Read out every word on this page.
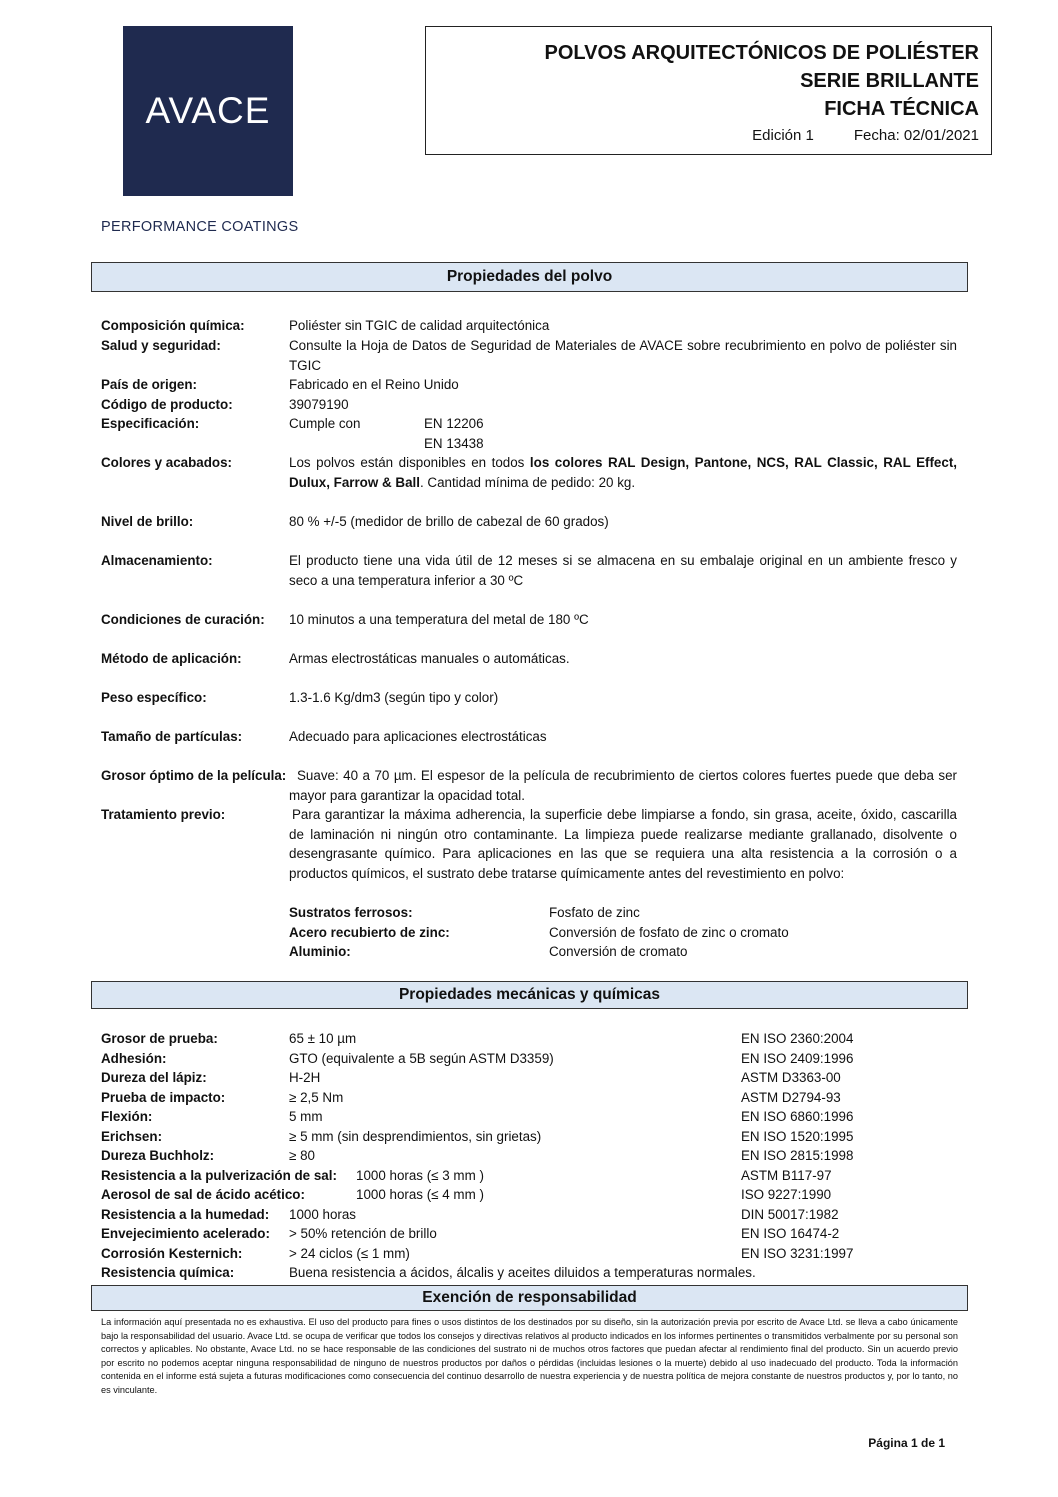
AVACE
PERFORMANCE COATINGS
POLVOS ARQUITECTÓNICOS DE POLIÉSTER
SERIE BRILLANTE
FICHA TÉCNICA
Edición 1	Fecha: 02/01/2021
Propiedades del polvo
Composición química:	Poliéster sin TGIC de calidad arquitectónica
Salud y seguridad:	Consulte la Hoja de Datos de Seguridad de Materiales de AVACE sobre recubrimiento en polvo de poliéster sin TGIC
País de origen:	Fabricado en el Reino Unido
Código de producto:	39079190
Especificación:	Cumple con	EN 12206
EN 13438
Colores y acabados:	Los polvos están disponibles en todos los colores RAL Design, Pantone, NCS, RAL Classic, RAL Effect, Dulux, Farrow & Ball. Cantidad mínima de pedido: 20 kg.
Nivel de brillo:	80 % +/-5 (medidor de brillo de cabezal de 60 grados)
Almacenamiento:	El producto tiene una vida útil de 12 meses si se almacena en su embalaje original en un ambiente fresco y seco a una temperatura inferior a 30 ºC
Condiciones de curación: 10 minutos a una temperatura del metal de 180 ºC
Método de aplicación:	Armas electrostáticas manuales o automáticas.
Peso específico:	1.3-1.6 Kg/dm3 (según tipo y color)
Tamaño de partículas:	Adecuado para aplicaciones electrostáticas
Grosor óptimo de la película: Suave: 40 a 70 µm. El espesor de la película de recubrimiento de ciertos colores fuertes puede que deba ser mayor para garantizar la opacidad total.
Tratamiento previo:	Para garantizar la máxima adherencia, la superficie debe limpiarse a fondo, sin grasa, aceite, óxido, cascarilla de laminación ni ningún otro contaminante. La limpieza puede realizarse mediante grallanado, disolvente o desengrasante químico. Para aplicaciones en las que se requiera una alta resistencia a la corrosión o a productos químicos, el sustrato debe tratarse químicamente antes del revestimiento en polvo:
Sustratos ferrosos:	Fosfato de zinc
Acero recubierto de zinc:	Conversión de fosfato de zinc o cromato
Aluminio:	Conversión de cromato
Propiedades mecánicas y químicas
Grosor de prueba:	65 ± 10 µm	EN ISO 2360:2004
Adhesión:	GTO (equivalente a 5B según ASTM D3359)	EN ISO 2409:1996
Dureza del lápiz:	H-2H	ASTM D3363-00
Prueba de impacto:	≥ 2,5 Nm	ASTM D2794-93
Flexión:	5 mm	EN ISO 6860:1996
Erichsen:	≥ 5 mm (sin desprendimientos, sin grietas)	EN ISO 1520:1995
Dureza Buchholz:	≥ 80	EN ISO 2815:1998
Resistencia a la pulverización de sal: 1000 horas (≤ 3 mm )	ASTM B117-97
Aerosol de sal de ácido acético:	1000 horas (≤ 4 mm )	ISO 9227:1990
Resistencia a la humedad: 1000 horas	DIN 50017:1982
Envejecimiento acelerado: > 50% retención de brillo	EN ISO 16474-2
Corrosión Kesternich:	> 24 ciclos (≤ 1 mm)	EN ISO 3231:1997
Resistencia química:	Buena resistencia a ácidos, álcalis y aceites diluidos a temperaturas normales.
Exención de responsabilidad
La información aquí presentada no es exhaustiva. El uso del producto para fines o usos distintos de los destinados por su diseño, sin la autorización previa por escrito de Avace Ltd. se lleva a cabo únicamente bajo la responsabilidad del usuario. Avace Ltd. se ocupa de verificar que todos los consejos y directivas relativos al producto indicados en los informes pertinentes o transmitidos verbalmente por su personal son correctos y aplicables. No obstante, Avace Ltd. no se hace responsable de las condiciones del sustrato ni de muchos otros factores que puedan afectar al rendimiento final del producto. Sin un acuerdo previo por escrito no podemos aceptar ninguna responsabilidad de ninguno de nuestros productos por daños o pérdidas (incluidas lesiones o la muerte) debido al uso inadecuado del producto. Toda la información contenida en el informe está sujeta a futuras modificaciones como consecuencia del continuo desarrollo de nuestra experiencia y de nuestra política de mejora constante de nuestros productos y, por lo tanto, no es vinculante.
Página 1 de 1
